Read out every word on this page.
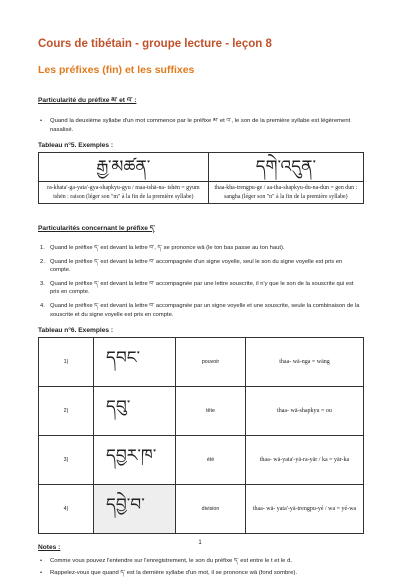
Cours de tibétain - groupe lecture - leçon 8
Les préfixes (fin) et les suffixes
Particularité du préfixe མ་ et འ་ :
•	Quand la deuxième syllabe d'un mot commence par le préfixe མ་ et འ་, le son de la première syllabe est légèrement nasalisé.
Tableau n°5. Exemples :
རྒྱ་མཚན་	དགེ་འདུན་
ra-khata'-ga-yata'-gya-shapkyu-gyu / maa-tshā-na- tshēn = gyum tshēn : raison (léger son "m" à la fin de la première syllabe)	thaa-kha-trengpu-ge / aa-tha-shapkyu-du-na-dun = gen dun : sangha (léger son "n" à la fin de la première syllabe)
Particularités concernant le préfixe ད་
1. Quand le préfixe ད་ est devant la lettre བ་, ད་ se prononce wā (le ton bas passe au ton haut).
2. Quand le préfixe ད་ est devant la lettre བ་ accompagnée d'un signe voyelle, seul le son du signe voyelle est pris en compte.
3. Quand le préfixe ད་ est devant la lettre བ་ accompagnée par une lettre souscrite, il n'y que le son de la souscrite qui est pris en compte.
4. Quand le préfixe ད་ est devant la lettre བ་ accompagnée par un signe voyelle et une souscrite, seule la combinaison de la souscrite et du signe voyelle est pris en compte.
Tableau n°6. Exemples :
1)	དབང་	pouvoir	thaa- wā-nga = wāng
2)	དབུ་	tête	thaa- wā-shapkyu = ou
3)	དབྱར་ཁ་	été	thaa- wā-yata'-yā-ra-yār / ka = yār-ka
4)	དབྱེ་བ་	division	thaa- wā- yata'-yā-trengpu-yé / wa = yé-wa
Notes :
•	Comme vous pouvez l'entendre sur l'enregistrement, le son du préfixe ད་ est entre le t et le d.
•	Rappelez-vous que quand ད་ est la dernière syllabe d'un mot, il se prononce wā (fond sombre).
1
